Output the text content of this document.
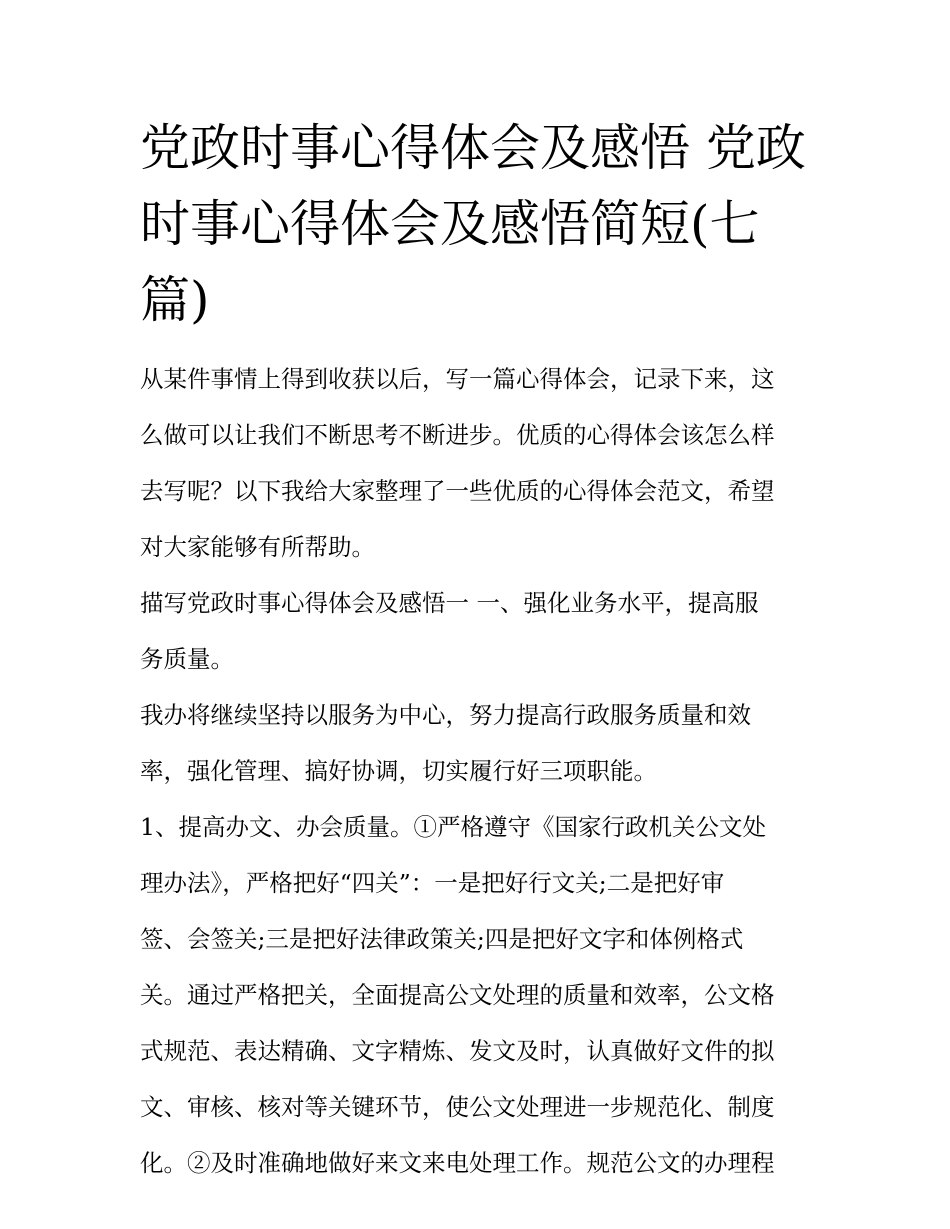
党政时事心得体会及感悟 党政
时事心得体会及感悟简短(七
篇)
从某件事情上得到收获以后，写一篇心得体会，记录下来，这
么做可以让我们不断思考不断进步。优质的心得体会该怎么样
去写呢？以下我给大家整理了一些优质的心得体会范文，希望
对大家能够有所帮助。
描写党政时事心得体会及感悟一 一、强化业务水平，提高服
务质量。
我办将继续坚持以服务为中心，努力提高行政服务质量和效
率，强化管理、搞好协调，切实履行好三项职能。
1、提高办文、办会质量。①严格遵守《国家行政机关公文处
理办法》，严格把好“四关”：一是把好行文关;二是把好审
签、会签关;三是把好法律政策关;四是把好文字和体例格式
关。通过严格把关，全面提高公文处理的质量和效率，公文格
式规范、表达精确、文字精炼、发文及时，认真做好文件的拟
文、审核、核对等关键环节，使公文处理进一步规范化、制度
化。②及时准确地做好来文来电处理工作。规范公文的办理程
